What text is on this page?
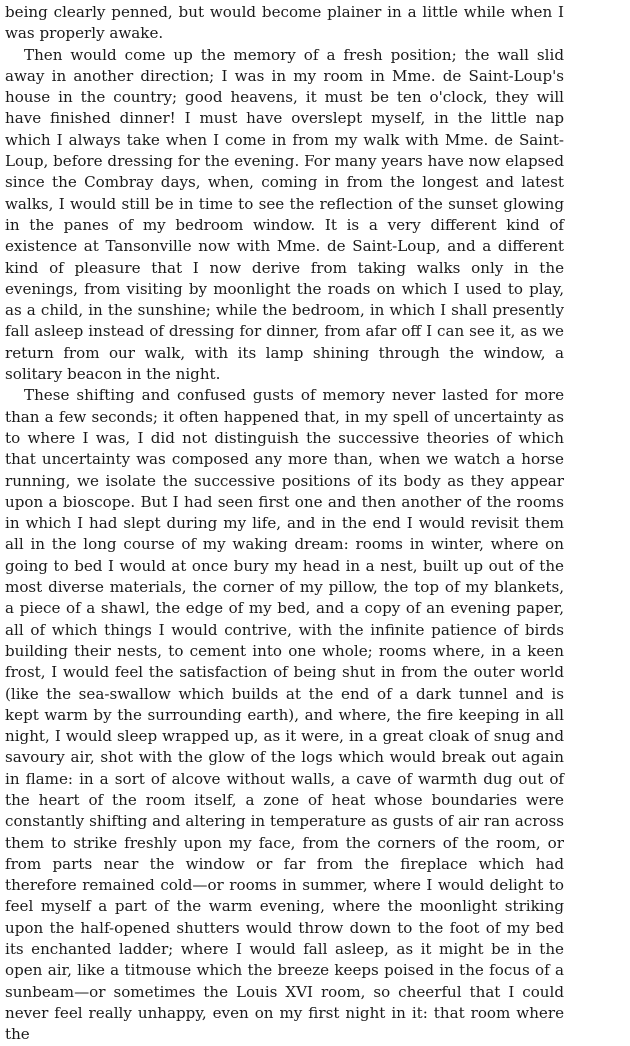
being clearly penned, but would become plainer in a little while when I was properly awake.

Then would come up the memory of a fresh position; the wall slid away in another direction; I was in my room in Mme. de Saint-Loup's house in the country; good heavens, it must be ten o'clock, they will have finished dinner! I must have overslept myself, in the little nap which I always take when I come in from my walk with Mme. de Saint-Loup, before dressing for the evening. For many years have now elapsed since the Combray days, when, coming in from the longest and latest walks, I would still be in time to see the reflection of the sunset glowing in the panes of my bedroom window. It is a very different kind of existence at Tansonville now with Mme. de Saint-Loup, and a different kind of pleasure that I now derive from taking walks only in the evenings, from visiting by moonlight the roads on which I used to play, as a child, in the sunshine; while the bedroom, in which I shall presently fall asleep instead of dressing for dinner, from afar off I can see it, as we return from our walk, with its lamp shining through the window, a solitary beacon in the night.

These shifting and confused gusts of memory never lasted for more than a few seconds; it often happened that, in my spell of uncertainty as to where I was, I did not distinguish the successive theories of which that uncertainty was composed any more than, when we watch a horse running, we isolate the successive positions of its body as they appear upon a bioscope. But I had seen first one and then another of the rooms in which I had slept during my life, and in the end I would revisit them all in the long course of my waking dream: rooms in winter, where on going to bed I would at once bury my head in a nest, built up out of the most diverse materials, the corner of my pillow, the top of my blankets, a piece of a shawl, the edge of my bed, and a copy of an evening paper, all of which things I would contrive, with the infinite patience of birds building their nests, to cement into one whole; rooms where, in a keen frost, I would feel the satisfaction of being shut in from the outer world (like the sea-swallow which builds at the end of a dark tunnel and is kept warm by the surrounding earth), and where, the fire keeping in all night, I would sleep wrapped up, as it were, in a great cloak of snug and savoury air, shot with the glow of the logs which would break out again in flame: in a sort of alcove without walls, a cave of warmth dug out of the heart of the room itself, a zone of heat whose boundaries were constantly shifting and altering in temperature as gusts of air ran across them to strike freshly upon my face, from the corners of the room, or from parts near the window or far from the fireplace which had therefore remained cold—or rooms in summer, where I would delight to feel myself a part of the warm evening, where the moonlight striking upon the half-opened shutters would throw down to the foot of my bed its enchanted ladder; where I would fall asleep, as it might be in the open air, like a titmouse which the breeze keeps poised in the focus of a sunbeam—or sometimes the Louis XVI room, so cheerful that I could never feel really unhappy, even on my first night in it: that room where the
